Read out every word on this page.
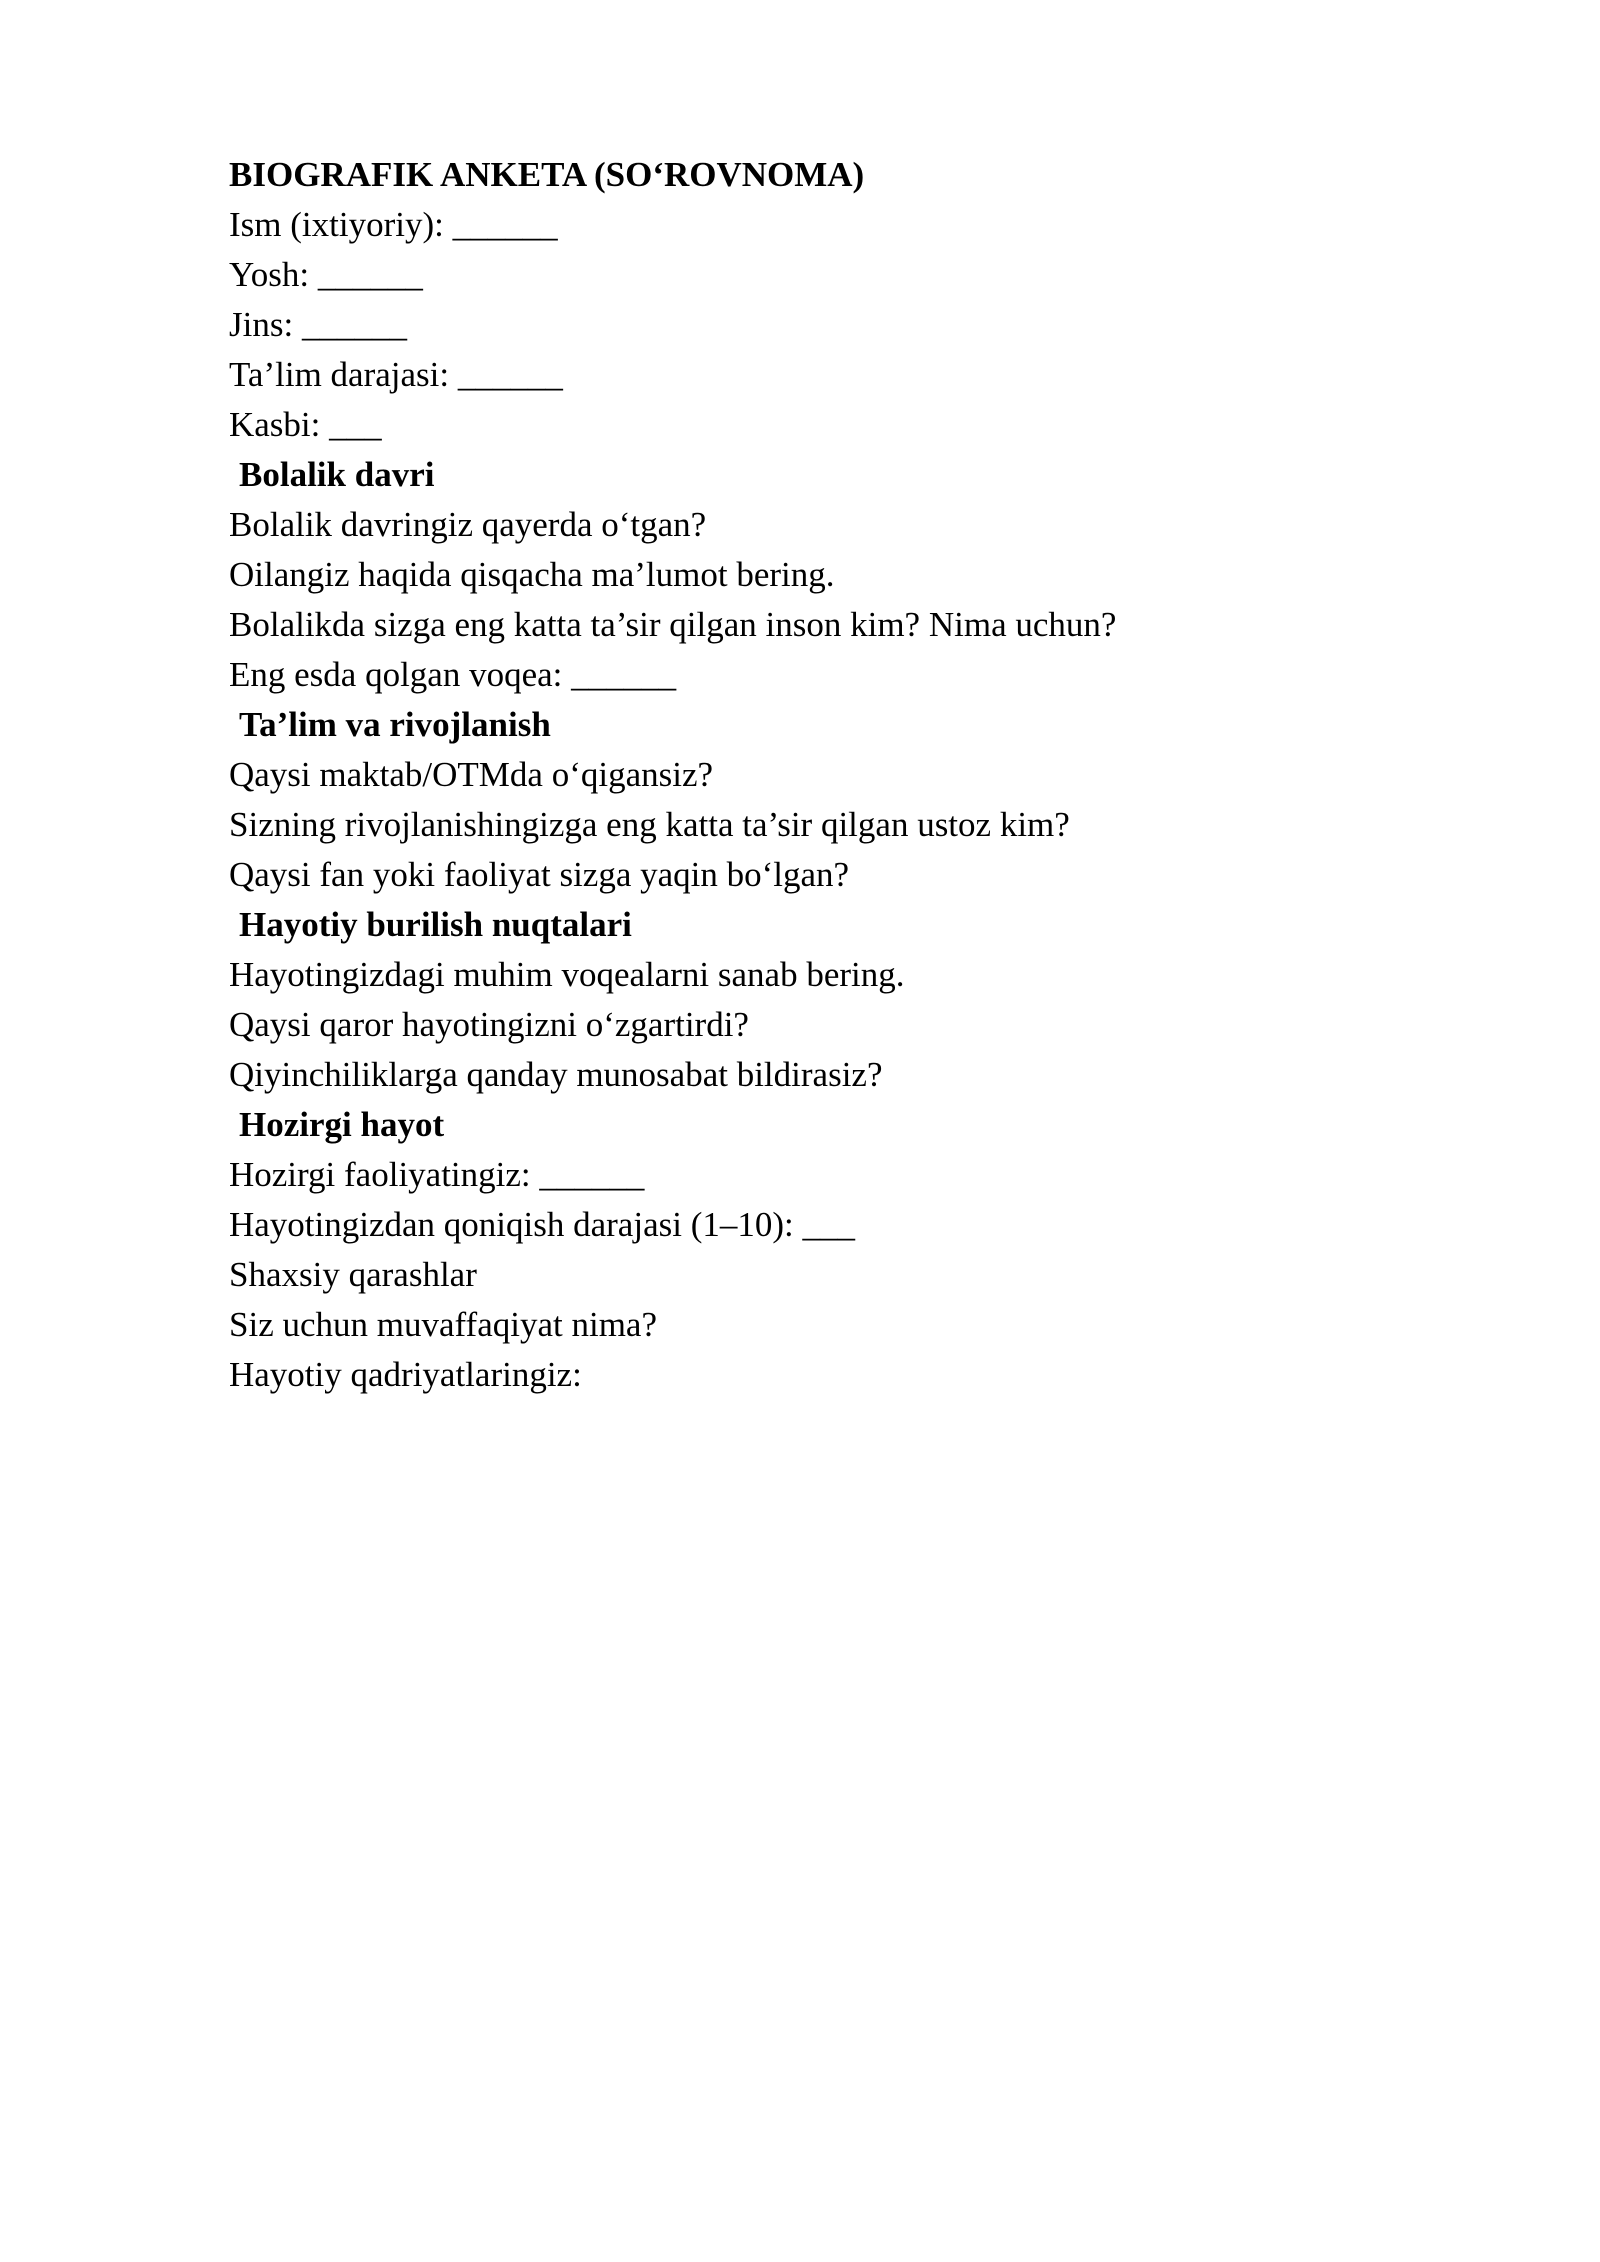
BIOGRAFIK ANKETA (SO‘ROVNOMA)
Ism (ixtiyoriy): ______
Yosh: ______
Jins: ______
Ta’lim darajasi: ______
Kasbi: ___
Bolalik davri
Bolalik davringiz qayerda o‘tgan?
Oilangiz haqida qisqacha ma’lumot bering.
Bolalikda sizga eng katta ta’sir qilgan inson kim? Nima uchun?
Eng esda qolgan voqea: ______
Ta’lim va rivojlanish
Qaysi maktab/OTMda o‘qigansiz?
Sizning rivojlanishingizga eng katta ta’sir qilgan ustoz kim?
Qaysi fan yoki faoliyat sizga yaqin bo‘lgan?
Hayotiy burilish nuqtalari
Hayotingizdagi muhim voqealarni sanab bering.
Qaysi qaror hayotingizni o‘zgartirdi?
Qiyinchiliklarga qanday munosabat bildirasiz?
Hozirgi hayot
Hozirgi faoliyatingiz: ______
Hayotingizdan qoniqish darajasi (1–10): ___
Shaxsiy qarashlar
Siz uchun muvaffaqiyat nima?
Hayotiy qadriyatlaringiz:
